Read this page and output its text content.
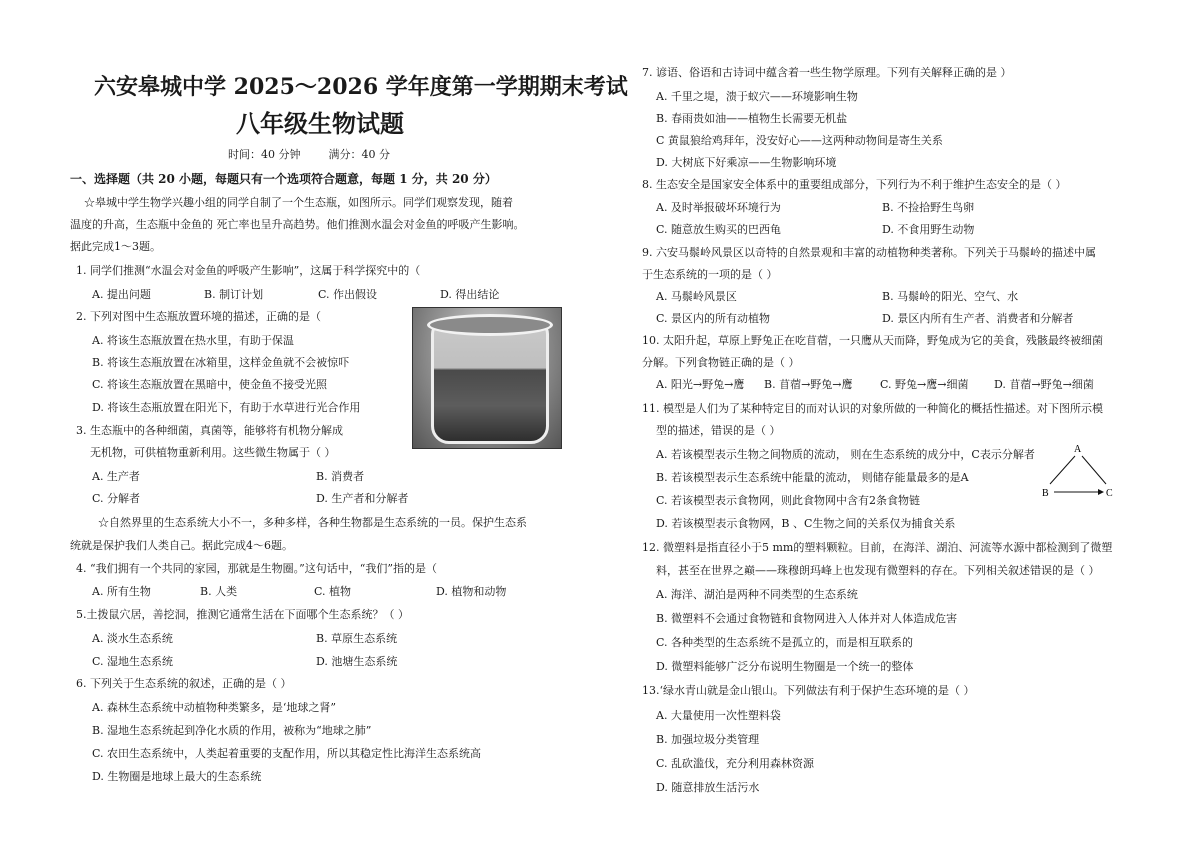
六安皋城中学 2025～2026 学年度第一学期期末考试
八年级生物试题
时间：40 分钟        满分：40 分
一、选择题（共 20 小题，每题只有一个选项符合题意，每题 1 分，共 20 分）
☆皋城中学生物学兴趣小组的同学自制了一个生态瓶，如图所示。同学们观察发现，随着
温度的升高，生态瓶中金鱼的 死亡率也呈升高趋势。他们推测水温会对金鱼的呼吸产生影响。
据此完成1～3题。
1. 同学们推测“水温会对金鱼的呼吸产生影响”，这属于科学探究中的（
A. 提出问题	B. 制订计划	C. 作出假设	D. 得出结论
2. 下列对图中生态瓶放置环境的描述，正确的是（
A. 将该生态瓶放置在热水里，有助于保温
B. 将该生态瓶放置在冰箱里，这样金鱼就不会被惊吓
C. 将该生态瓶放置在黑暗中，使金鱼不接受光照
D. 将该生态瓶放置在阳光下，有助于水草进行光合作用
3. 生态瓶中的各种细菌，真菌等，能够将有机物分解成
无机物，可供植物重新利用。这些微生物属于（ ）
A. 生产者	B. 消费者
C. 分解者	D. 生产者和分解者
☆自然界里的生态系统大小不一，多种多样，各种生物都是生态系统的一员。保护生态系
统就是保护我们人类自己。据此完成4～6题。
4. “我们拥有一个共同的家园，那就是生物圈。”这句话中，“我们”指的是（
A. 所有生物	B. 人类	C. 植物	D. 植物和动物
5.土拨鼠穴居，善挖洞，推测它通常生活在下面哪个生态系统？（ ）
A. 淡水生态系统	B. 草原生态系统
C. 湿地生态系统	D. 池塘生态系统
6. 下列关于生态系统的叙述，正确的是（ ）
A. 森林生态系统中动植物种类繁多，是‘地球之肾”
B. 湿地生态系统起到净化水质的作用，被称为“地球之肺”
C. 农田生态系统中，人类起着重要的支配作用，所以其稳定性比海洋生态系统高
D. 生物圈是地球上最大的生态系统
7. 谚语、俗语和古诗词中蕴含着一些生物学原理。下列有关解释正确的是 ）
A. 千里之堤，溃于蚁穴——环境影响生物
B. 春雨贵如油——植物生长需要无机盐
C 黄鼠狼给鸡拜年，没安好心——这两种动物间是寄生关系
D. 大树底下好乘凉——生物影响环境
8. 生态安全是国家安全体系中的重要组成部分，下列行为不利于维护生态安全的是（ ）
A. 及时举报破坏环境行为	B. 不捡拾野生鸟卵
C. 随意放生购买的巴西龟	D. 不食用野生动物
9. 六安马鬃岭风景区以奇特的自然景观和丰富的动植物种类著称。下列关于马鬃岭的描述中属
于生态系统的一项的是（ ）
A. 马鬃岭风景区	B. 马鬃岭的阳光、空气、水
C. 景区内的所有动植物	D. 景区内所有生产者、消费者和分解者
10. 太阳升起，草原上野兔正在吃苜蓿，一只鹰从天而降，野兔成为它的美食，残骸最终被细菌
分解。下列食物链正确的是（ ）
A. 阳光→野兔→鹰 B. 苜蓿→野兔→鹰 C. 野兔→鹰→细菌 D. 苜蓿→野兔→细菌
11. 模型是人们为了某种特定目的而对认识的对象所做的一种简化的概括性描述。对下图所示模
型的描述，错误的是（ ）
A. 若该模型表示生物之间物质的流动， 则在生态系统的成分中，C表示分解者
B. 若该模型表示生态系统中能量的流动， 则储存能量最多的是A
C. 若该模型表示食物网，则此食物网中含有2条食物链
D. 若该模型表示食物网，B 、C生物之间的关系仅为捕食关系
A
B	C
12. 微塑料是指直径小于5 mm的塑料颗粒。目前，在海洋、湖泊、河流等水源中都检测到了微塑
料，甚至在世界之巅——珠穆朗玛峰上也发现有微塑料的存在。下列相关叙述错误的是（ ）
A. 海洋、湖泊是两种不同类型的生态系统
B. 微塑料不会通过食物链和食物网进入人体并对人体造成危害
C. 各种类型的生态系统不是孤立的，而是相互联系的
D. 微塑料能够广泛分布说明生物圈是一个统一的整体
13.‘绿水青山就是金山银山。下列做法有利于保护生态环境的是（ ）
A. 大量使用一次性塑料袋
B. 加强垃圾分类管理
C. 乱砍滥伐，充分利用森林资源
D. 随意排放生活污水
